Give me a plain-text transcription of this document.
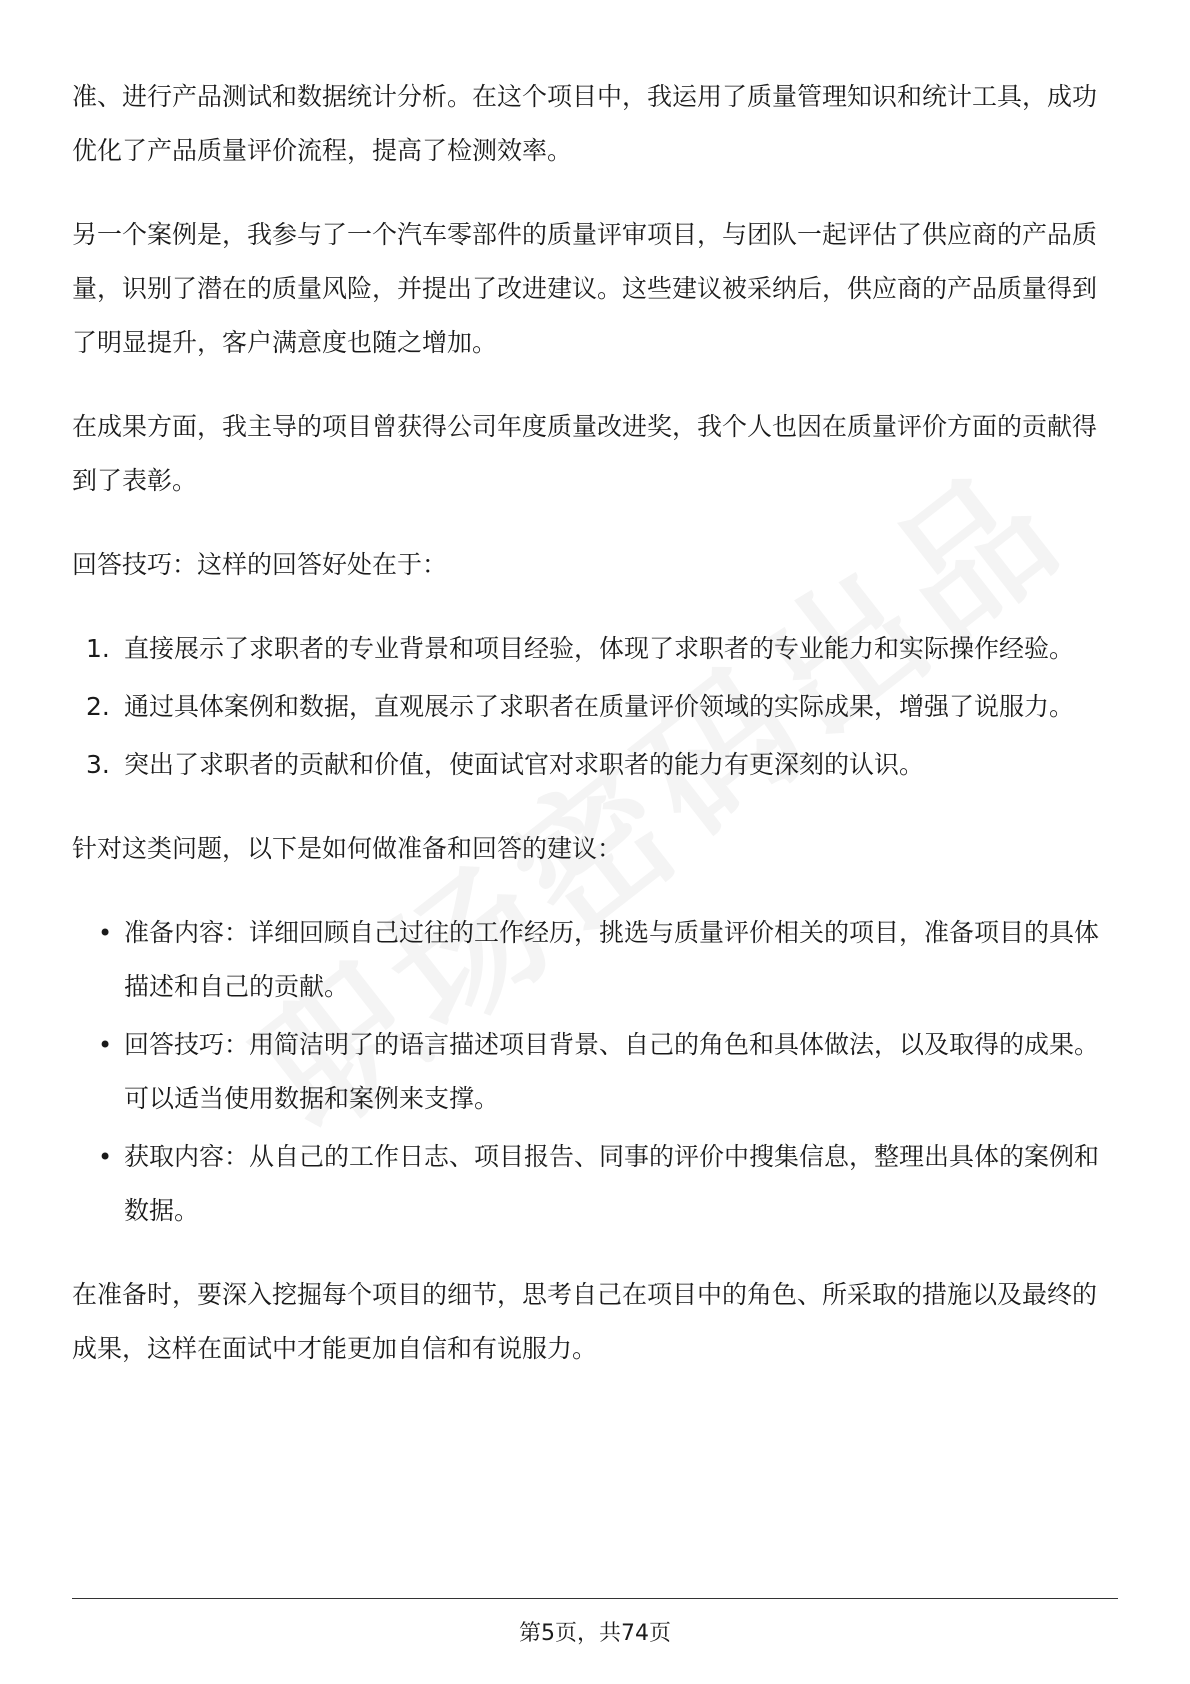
准、进行产品测试和数据统计分析。在这个项目中，我运用了质量管理知识和统计工具，成功优化了产品质量评价流程，提高了检测效率。

另一个案例是，我参与了一个汽车零部件的质量评审项目，与团队一起评估了供应商的产品质量，识别了潜在的质量风险，并提出了改进建议。这些建议被采纳后，供应商的产品质量得到了明显提升，客户满意度也随之增加。

在成果方面，我主导的项目曾获得公司年度质量改进奖，我个人也因在质量评价方面的贡献得到了表彰。

回答技巧：这样的回答好处在于：

1. 直接展示了求职者的专业背景和项目经验，体现了求职者的专业能力和实际操作经验。
2. 通过具体案例和数据，直观展示了求职者在质量评价领域的实际成果，增强了说服力。
3. 突出了求职者的贡献和价值，使面试官对求职者的能力有更深刻的认识。

针对这类问题，以下是如何做准备和回答的建议：

• 准备内容：详细回顾自己过往的工作经历，挑选与质量评价相关的项目，准备项目的具体描述和自己的贡献。
• 回答技巧：用简洁明了的语言描述项目背景、自己的角色和具体做法，以及取得的成果。可以适当使用数据和案例来支撑。
• 获取内容：从自己的工作日志、项目报告、同事的评价中搜集信息，整理出具体的案例和数据。

在准备时，要深入挖掘每个项目的细节，思考自己在项目中的角色、所采取的措施以及最终的成果，这样在面试中才能更加自信和有说服力。

第5页，共74页
